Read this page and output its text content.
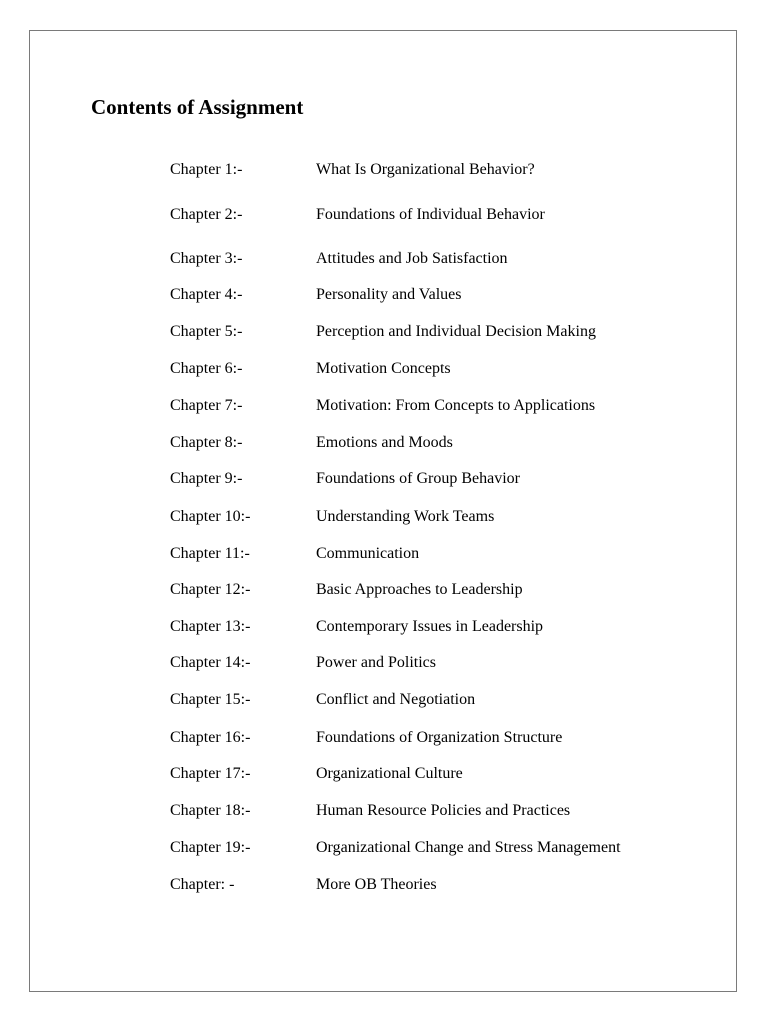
Contents of Assignment
Chapter 1:-	What Is Organizational Behavior?
Chapter 2:-	Foundations of Individual Behavior
Chapter 3:-	Attitudes and Job Satisfaction
Chapter 4:-	Personality and Values
Chapter 5:-	Perception and Individual Decision Making
Chapter 6:-	Motivation Concepts
Chapter 7:-	Motivation: From Concepts to Applications
Chapter 8:-	Emotions and Moods
Chapter 9:-	Foundations of Group Behavior
Chapter 10:-	Understanding Work Teams
Chapter 11:-	Communication
Chapter 12:-	Basic Approaches to Leadership
Chapter 13:-	Contemporary Issues in Leadership
Chapter 14:-	Power and Politics
Chapter 15:-	Conflict and Negotiation
Chapter 16:-	Foundations of Organization Structure
Chapter 17:-	Organizational Culture
Chapter 18:-	Human Resource Policies and Practices
Chapter 19:-	Organizational Change and Stress Management
Chapter: -	More OB Theories
